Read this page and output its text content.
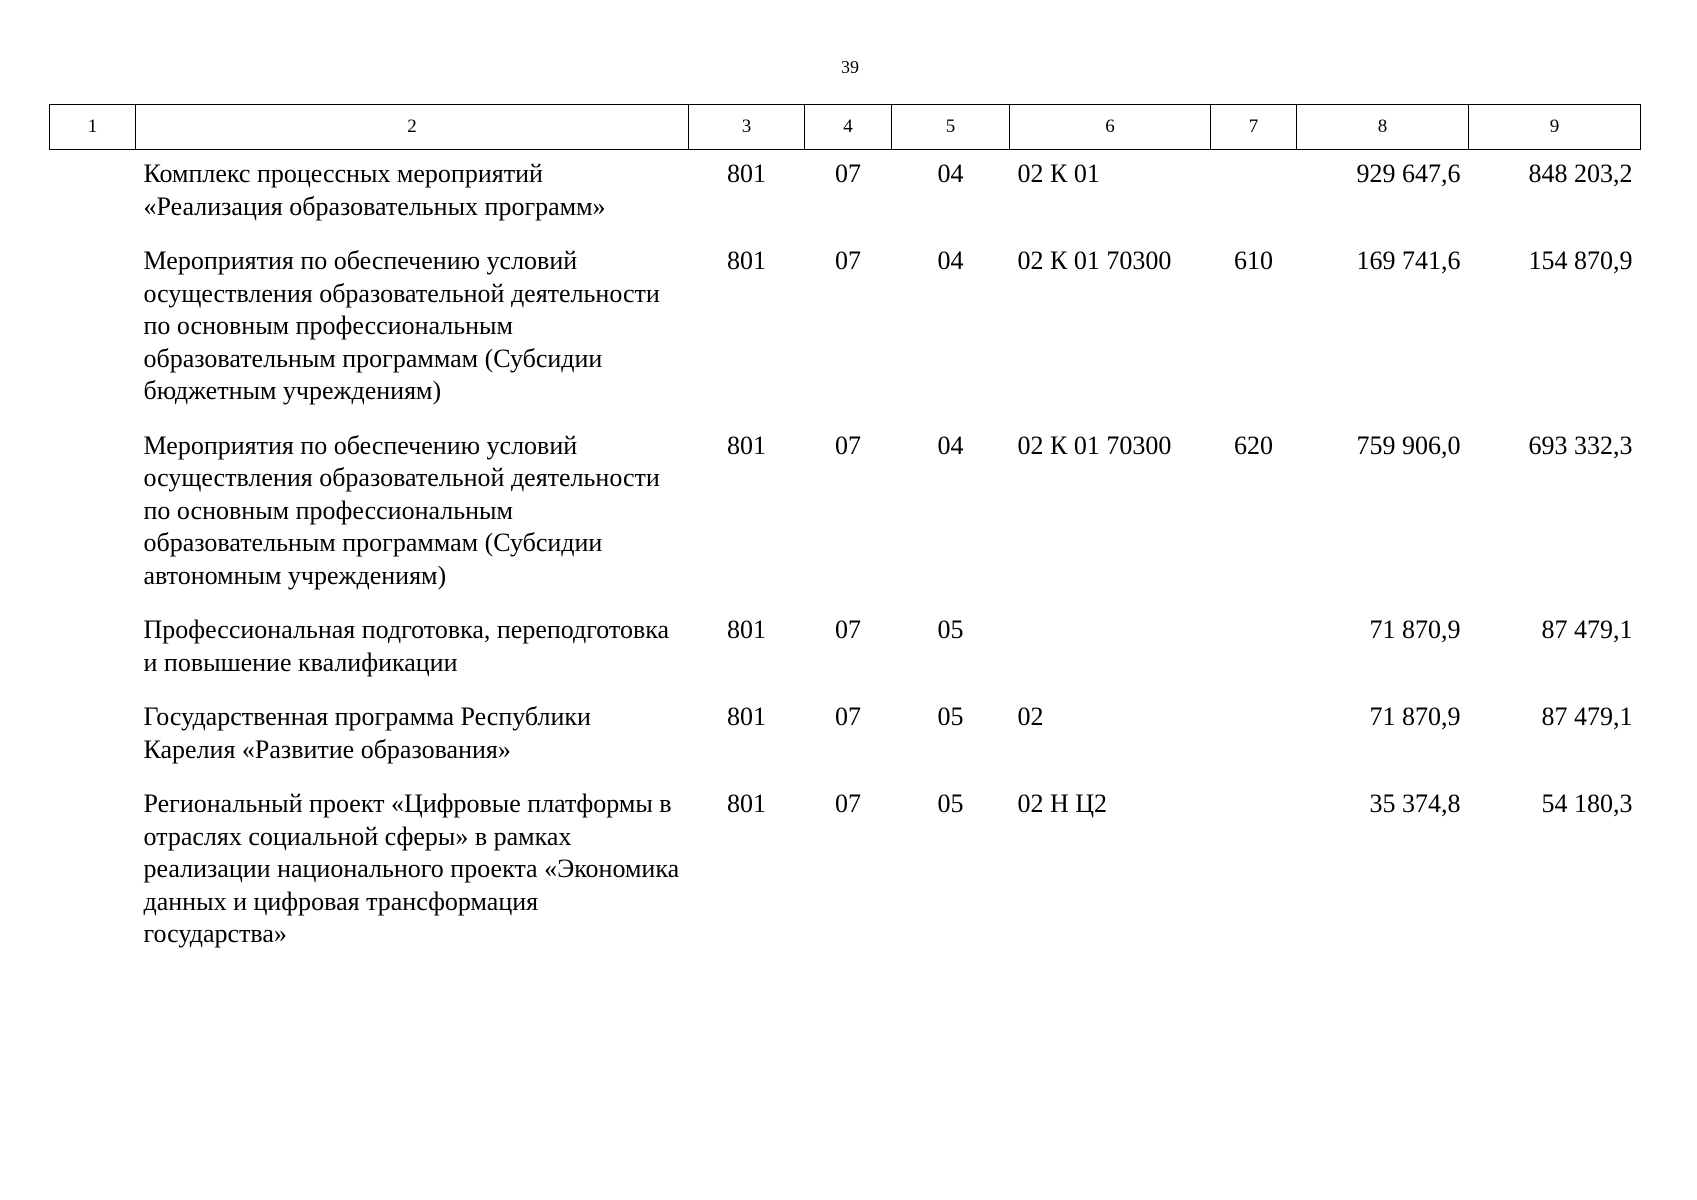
39
1	2	3	4	5	6	7	8	9
	Комплекс процессных мероприятий «Реализация образовательных программ»	801	07	04	02 К 01		929 647,6	848 203,2
	Мероприятия по обеспечению условий осуществления образовательной деятельности по основным профессиональным образовательным программам (Субсидии бюджетным учреждениям)	801	07	04	02 К 01 70300	610	169 741,6	154 870,9
	Мероприятия по обеспечению условий осуществления образовательной деятельности по основным профессиональным образовательным программам (Субсидии автономным учреждениям)	801	07	04	02 К 01 70300	620	759 906,0	693 332,3
	Профессиональная подготовка, переподготовка и повышение квалификации	801	07	05			71 870,9	87 479,1
	Государственная программа Республики Карелия «Развитие образования»	801	07	05	02		71 870,9	87 479,1
	Региональный проект «Цифровые платформы в отраслях социальной сферы» в рамках реализации национального проекта «Экономика данных и цифровая трансформация государства»	801	07	05	02 Н Ц2		35 374,8	54 180,3
